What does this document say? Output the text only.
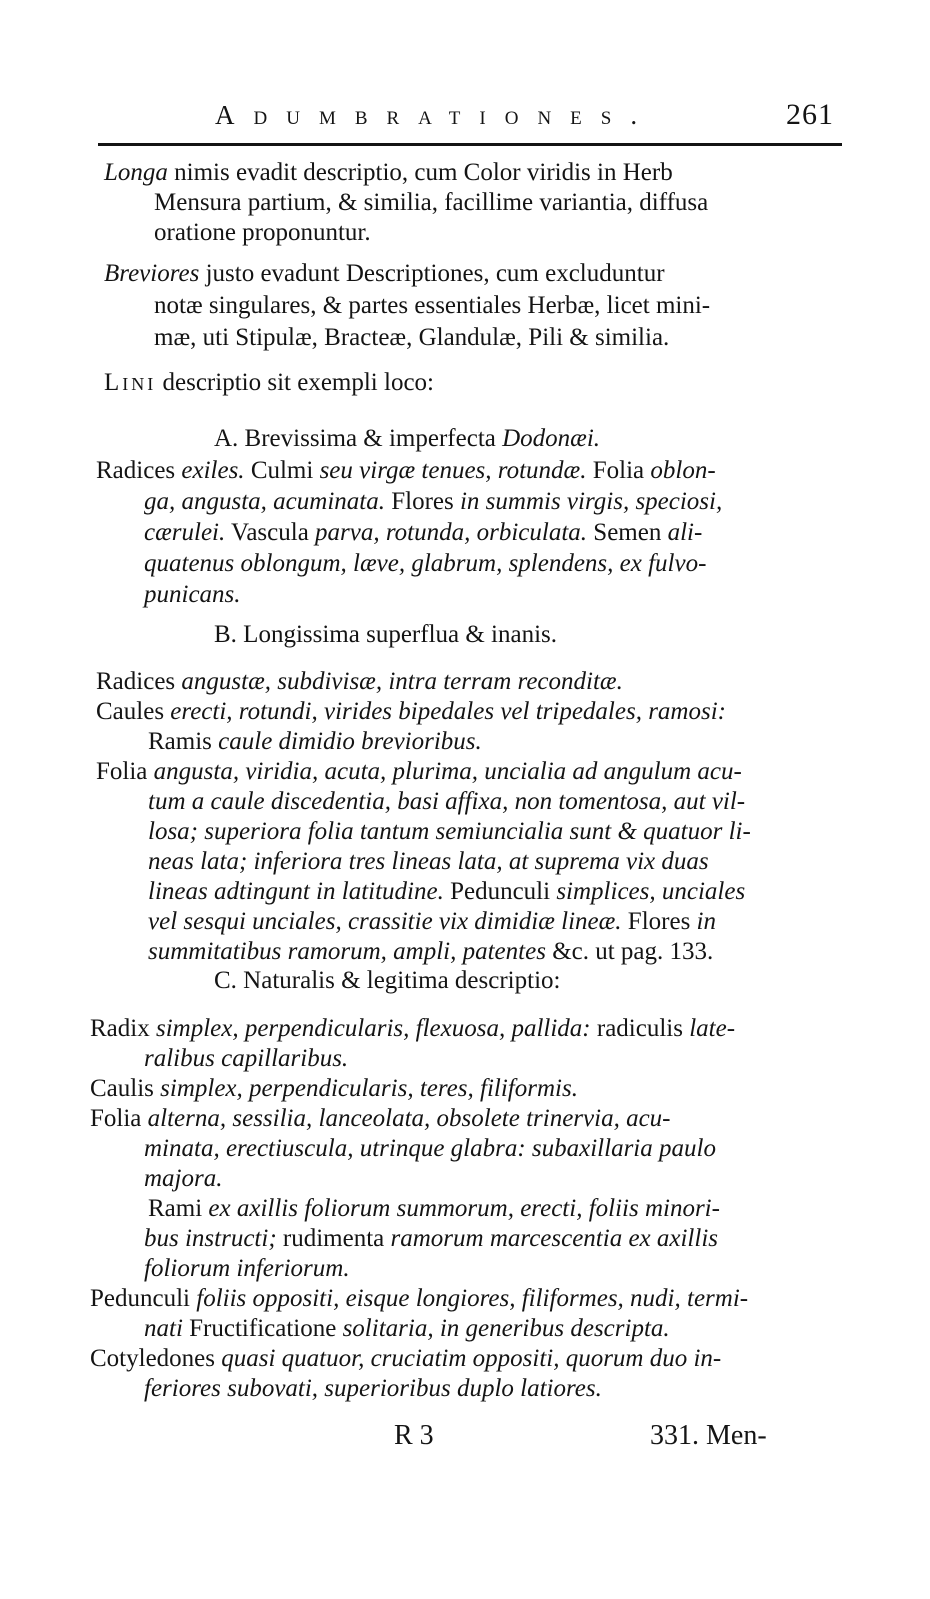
Adumbrationes.	261
Longa nimis evadit descriptio, cum Color viridis in Herb
Mensura partium, & similia, facillime variantia, diffusa
oratione proponuntur.
Breviores justo evadunt Descriptiones, cum excluduntur
notæ singulares, & partes essentiales Herbæ, licet mini-
mæ, uti Stipulæ, Bracteæ, Glandulæ, Pili & similia.
Lini descriptio sit exempli loco:
A. Brevissima & imperfecta Dodonæi.
Radices exiles. Culmi seu virgæ tenues, rotundæ. Folia oblon-
ga, angusta, acuminata. Flores in summis virgis, speciosi,
cærulei. Vascula parva, rotunda, orbiculata. Semen ali-
quatenus oblongum, læve, glabrum, splendens, ex fulvo-
punicans.
B. Longissima superflua & inanis.
Radices angustæ, subdivisæ, intra terram reconditæ.
Caules erecti, rotundi, virides bipedales vel tripedales, ramosi:
Ramis caule dimidio brevioribus.
Folia angusta, viridia, acuta, plurima, uncialia ad angulum acu-
tum a caule discedentia, basi affixa, non tomentosa, aut vil-
losa; superiora folia tantum semiuncialia sunt & quatuor li-
neas lata; inferiora tres lineas lata, at suprema vix duas
lineas adtingunt in latitudine. Pedunculi simplices, unciales
vel sesqui unciales, crassitie vix dimidiæ lineæ. Flores in
summitatibus ramorum, ampli, patentes &c. ut pag. 133.
C. Naturalis & legitima descriptio:
Radix simplex, perpendicularis, flexuosa, pallida: radiculis late-
ralibus capillaribus.
Caulis simplex, perpendicularis, teres, filiformis.
Folia alterna, sessilia, lanceolata, obsolete trinervia, acu-
minata, erectiuscula, utrinque glabra: subaxillaria paulo
majora.
Rami ex axillis foliorum summorum, erecti, foliis minori-
bus instructi; rudimenta ramorum marcescentia ex axillis
foliorum inferiorum.
Pedunculi foliis oppositi, eisque longiores, filiformes, nudi, termi-
nati Fructificatione solitaria, in generibus descripta.
Cotyledones quasi quatuor, cruciatim oppositi, quorum duo in-
feriores subovati, superioribus duplo latiores.
R 3	331. Men-
